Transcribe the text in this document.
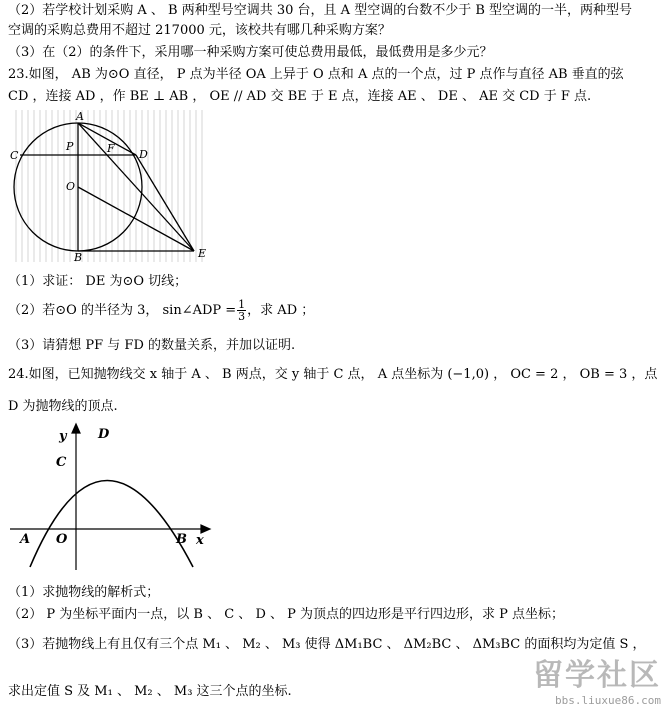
（2）若学校计划采购 A 、 B 两种型号空调共 30 台，且 A 型空调的台数不少于 B 型空调的一半，两种型号
空调的采购总费用不超过 217000 元，该校共有哪几种采购方案？
（3）在（2）的条件下，采用哪一种采购方案可使总费用最低，最低费用是多少元？
23.如图， AB 为⊙O 直径， P 点为半径 OA 上异于 O 点和 A 点的一个点，过 P 点作与直径 AB 垂直的弦
CD ，连接 AD ，作 BE ⊥ AB ， OE // AD 交 BE 于 E 点，连接 AE 、 DE 、 AE 交 CD 于 F 点.
A
C
P	F D
O
B	E
（1）求证： DE 为⊙O 切线；
（2）若⊙O 的半径为 3， sin∠ADP = $\frac{1}{3}$ ，求 AD ；
（3）请猜想 PF 与 FD 的数量关系，并加以证明.
24.如图，已知抛物线交 x 轴于 A 、 B 两点，交 y 轴于 C 点， A 点坐标为 (−1,0) ， OC = 2 ， OB = 3 ，点
D 为抛物线的顶点.
y D
C
A O	B x
（1）求抛物线的解析式；
（2） P 为坐标平面内一点，以 B 、 C 、 D 、 P 为顶点的四边形是平行四边形，求 P 点坐标；
（3）若抛物线上有且仅有三个点 M₁ 、 M₂ 、 M₃ 使得 ΔM₁BC 、 ΔM₂BC 、 ΔM₃BC 的面积均为定值 S ，
求出定值 S 及 M₁ 、 M₂ 、 M₃ 这三个点的坐标.	留学社区
bbs.liuxue86.com
